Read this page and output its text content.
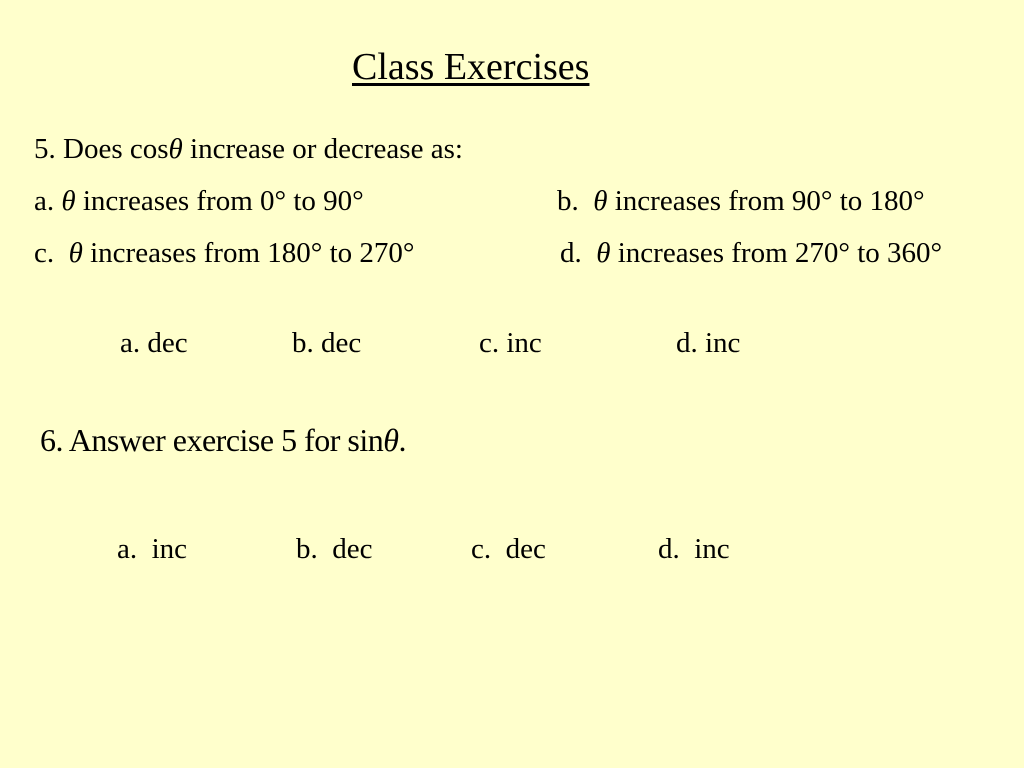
Class Exercises
5. Does cosθ increase or decrease as:
a. θ increases from 0° to 90°	b. θ increases from 90° to 180°
c. θ increases from 180° to 270°	d. θ increases from 270° to 360°
a. dec	b. dec	c. inc	d. inc
6. Answer exercise 5 for sinθ.
a.  inc	b.  dec	c.  dec	d.  inc
